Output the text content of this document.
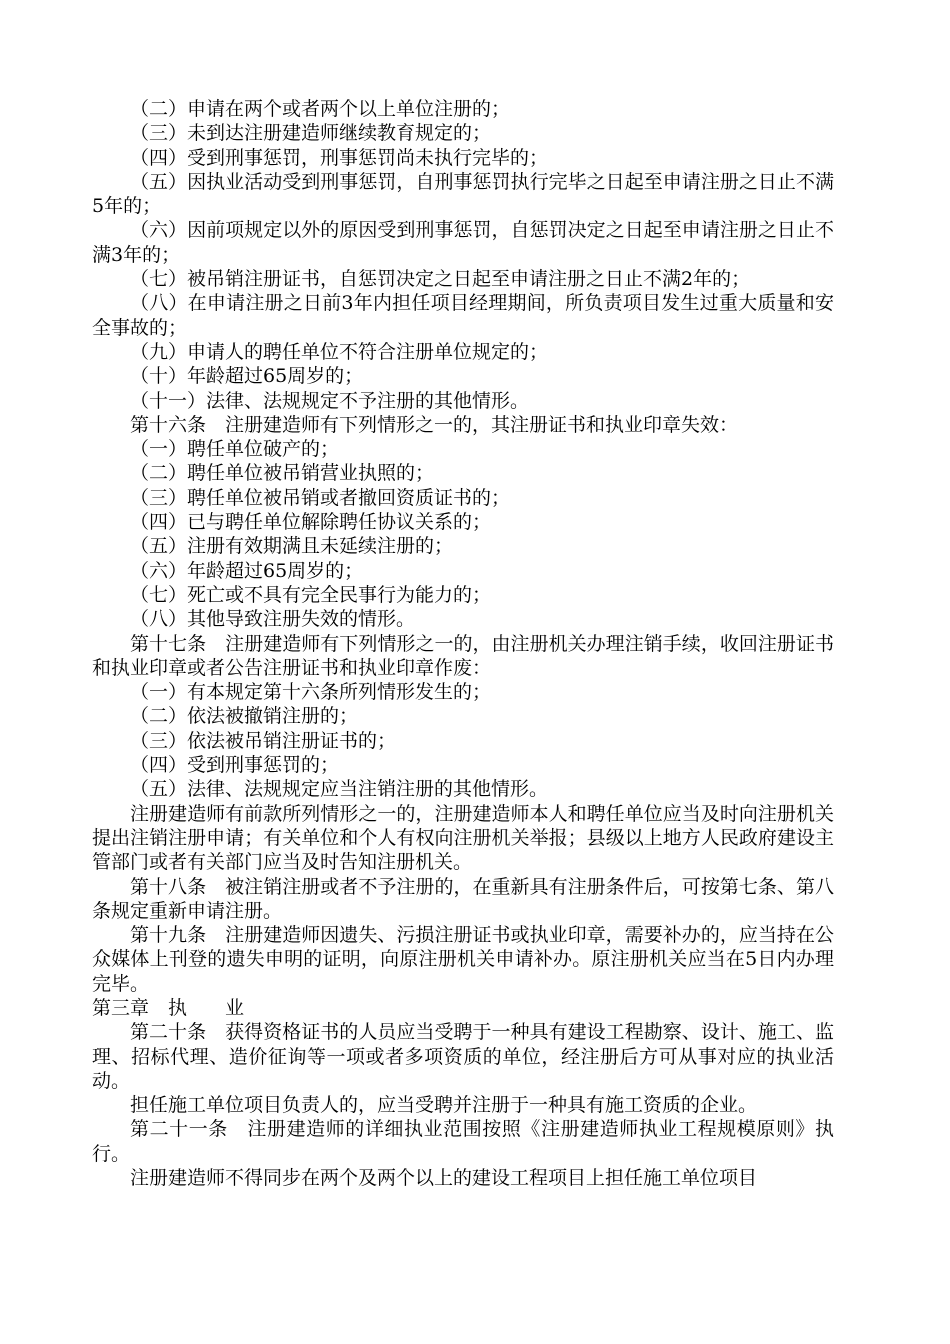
（二）申请在两个或者两个以上单位注册的；

（三）未到达注册建造师继续教育规定的；

（四）受到刑事惩罚，刑事惩罚尚未执行完毕的；

（五）因执业活动受到刑事惩罚，自刑事惩罚执行完毕之日起至申请注册之日止不满5年的；

（六）因前项规定以外的原因受到刑事惩罚，自惩罚决定之日起至申请注册之日止不满3年的；

（七）被吊销注册证书，自惩罚决定之日起至申请注册之日止不满2年的；

（八）在申请注册之日前3年内担任项目经理期间，所负责项目发生过重大质量和安全事故的；

（九）申请人的聘任单位不符合注册单位规定的；

（十）年龄超过65周岁的；

（十一）法律、法规规定不予注册的其他情形。

第十六条　注册建造师有下列情形之一的，其注册证书和执业印章失效：

（一）聘任单位破产的；

（二）聘任单位被吊销营业执照的；

（三）聘任单位被吊销或者撤回资质证书的；

（四）已与聘任单位解除聘任协议关系的；

（五）注册有效期满且未延续注册的；

（六）年龄超过65周岁的；

（七）死亡或不具有完全民事行为能力的；

（八）其他导致注册失效的情形。

第十七条　注册建造师有下列情形之一的，由注册机关办理注销手续，收回注册证书和执业印章或者公告注册证书和执业印章作废：

（一）有本规定第十六条所列情形发生的；

（二）依法被撤销注册的；

（三）依法被吊销注册证书的；

（四）受到刑事惩罚的；

（五）法律、法规规定应当注销注册的其他情形。

注册建造师有前款所列情形之一的，注册建造师本人和聘任单位应当及时向注册机关提出注销注册申请；有关单位和个人有权向注册机关举报；县级以上地方人民政府建设主管部门或者有关部门应当及时告知注册机关。

第十八条　被注销注册或者不予注册的，在重新具有注册条件后，可按第七条、第八条规定重新申请注册。

第十九条　注册建造师因遗失、污损注册证书或执业印章，需要补办的，应当持在公众媒体上刊登的遗失申明的证明，向原注册机关申请补办。原注册机关应当在5日内办理完毕。

第三章　执　　业

第二十条　获得资格证书的人员应当受聘于一种具有建设工程勘察、设计、施工、监理、招标代理、造价征询等一项或者多项资质的单位，经注册后方可从事对应的执业活动。

担任施工单位项目负责人的，应当受聘并注册于一种具有施工资质的企业。

第二十一条　注册建造师的详细执业范围按照《注册建造师执业工程规模原则》执行。

注册建造师不得同步在两个及两个以上的建设工程项目上担任施工单位项目
